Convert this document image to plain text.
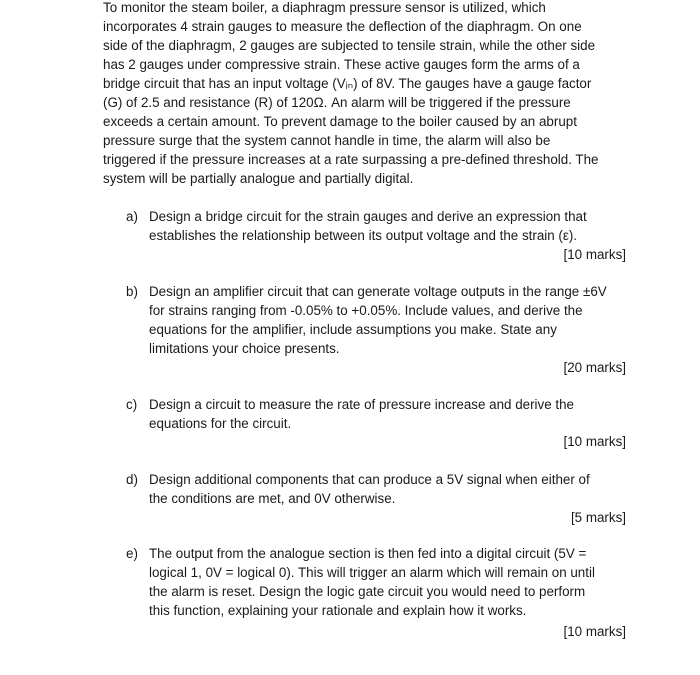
To monitor the steam boiler, a diaphragm pressure sensor is utilized, which
incorporates 4 strain gauges to measure the deflection of the diaphragm. On one
side of the diaphragm, 2 gauges are subjected to tensile strain, while the other side
has 2 gauges under compressive strain. These active gauges form the arms of a
bridge circuit that has an input voltage (Vᵢₙ) of 8V. The gauges have a gauge factor
(G) of 2.5 and resistance (R) of 120Ω. An alarm will be triggered if the pressure
exceeds a certain amount. To prevent damage to the boiler caused by an abrupt
pressure surge that the system cannot handle in time, the alarm will also be
triggered if the pressure increases at a rate surpassing a pre-defined threshold. The
system will be partially analogue and partially digital.
a) Design a bridge circuit for the strain gauges and derive an expression that
establishes the relationship between its output voltage and the strain (ε).
[10 marks]
b) Design an amplifier circuit that can generate voltage outputs in the range ±6V
for strains ranging from -0.05% to +0.05%. Include values, and derive the
equations for the amplifier, include assumptions you make. State any
limitations your choice presents.
[20 marks]
c) Design a circuit to measure the rate of pressure increase and derive the
equations for the circuit.
[10 marks]
d) Design additional components that can produce a 5V signal when either of
the conditions are met, and 0V otherwise.
[5 marks]
e) The output from the analogue section is then fed into a digital circuit (5V =
logical 1, 0V = logical 0). This will trigger an alarm which will remain on until
the alarm is reset. Design the logic gate circuit you would need to perform
this function, explaining your rationale and explain how it works.
[10 marks]
